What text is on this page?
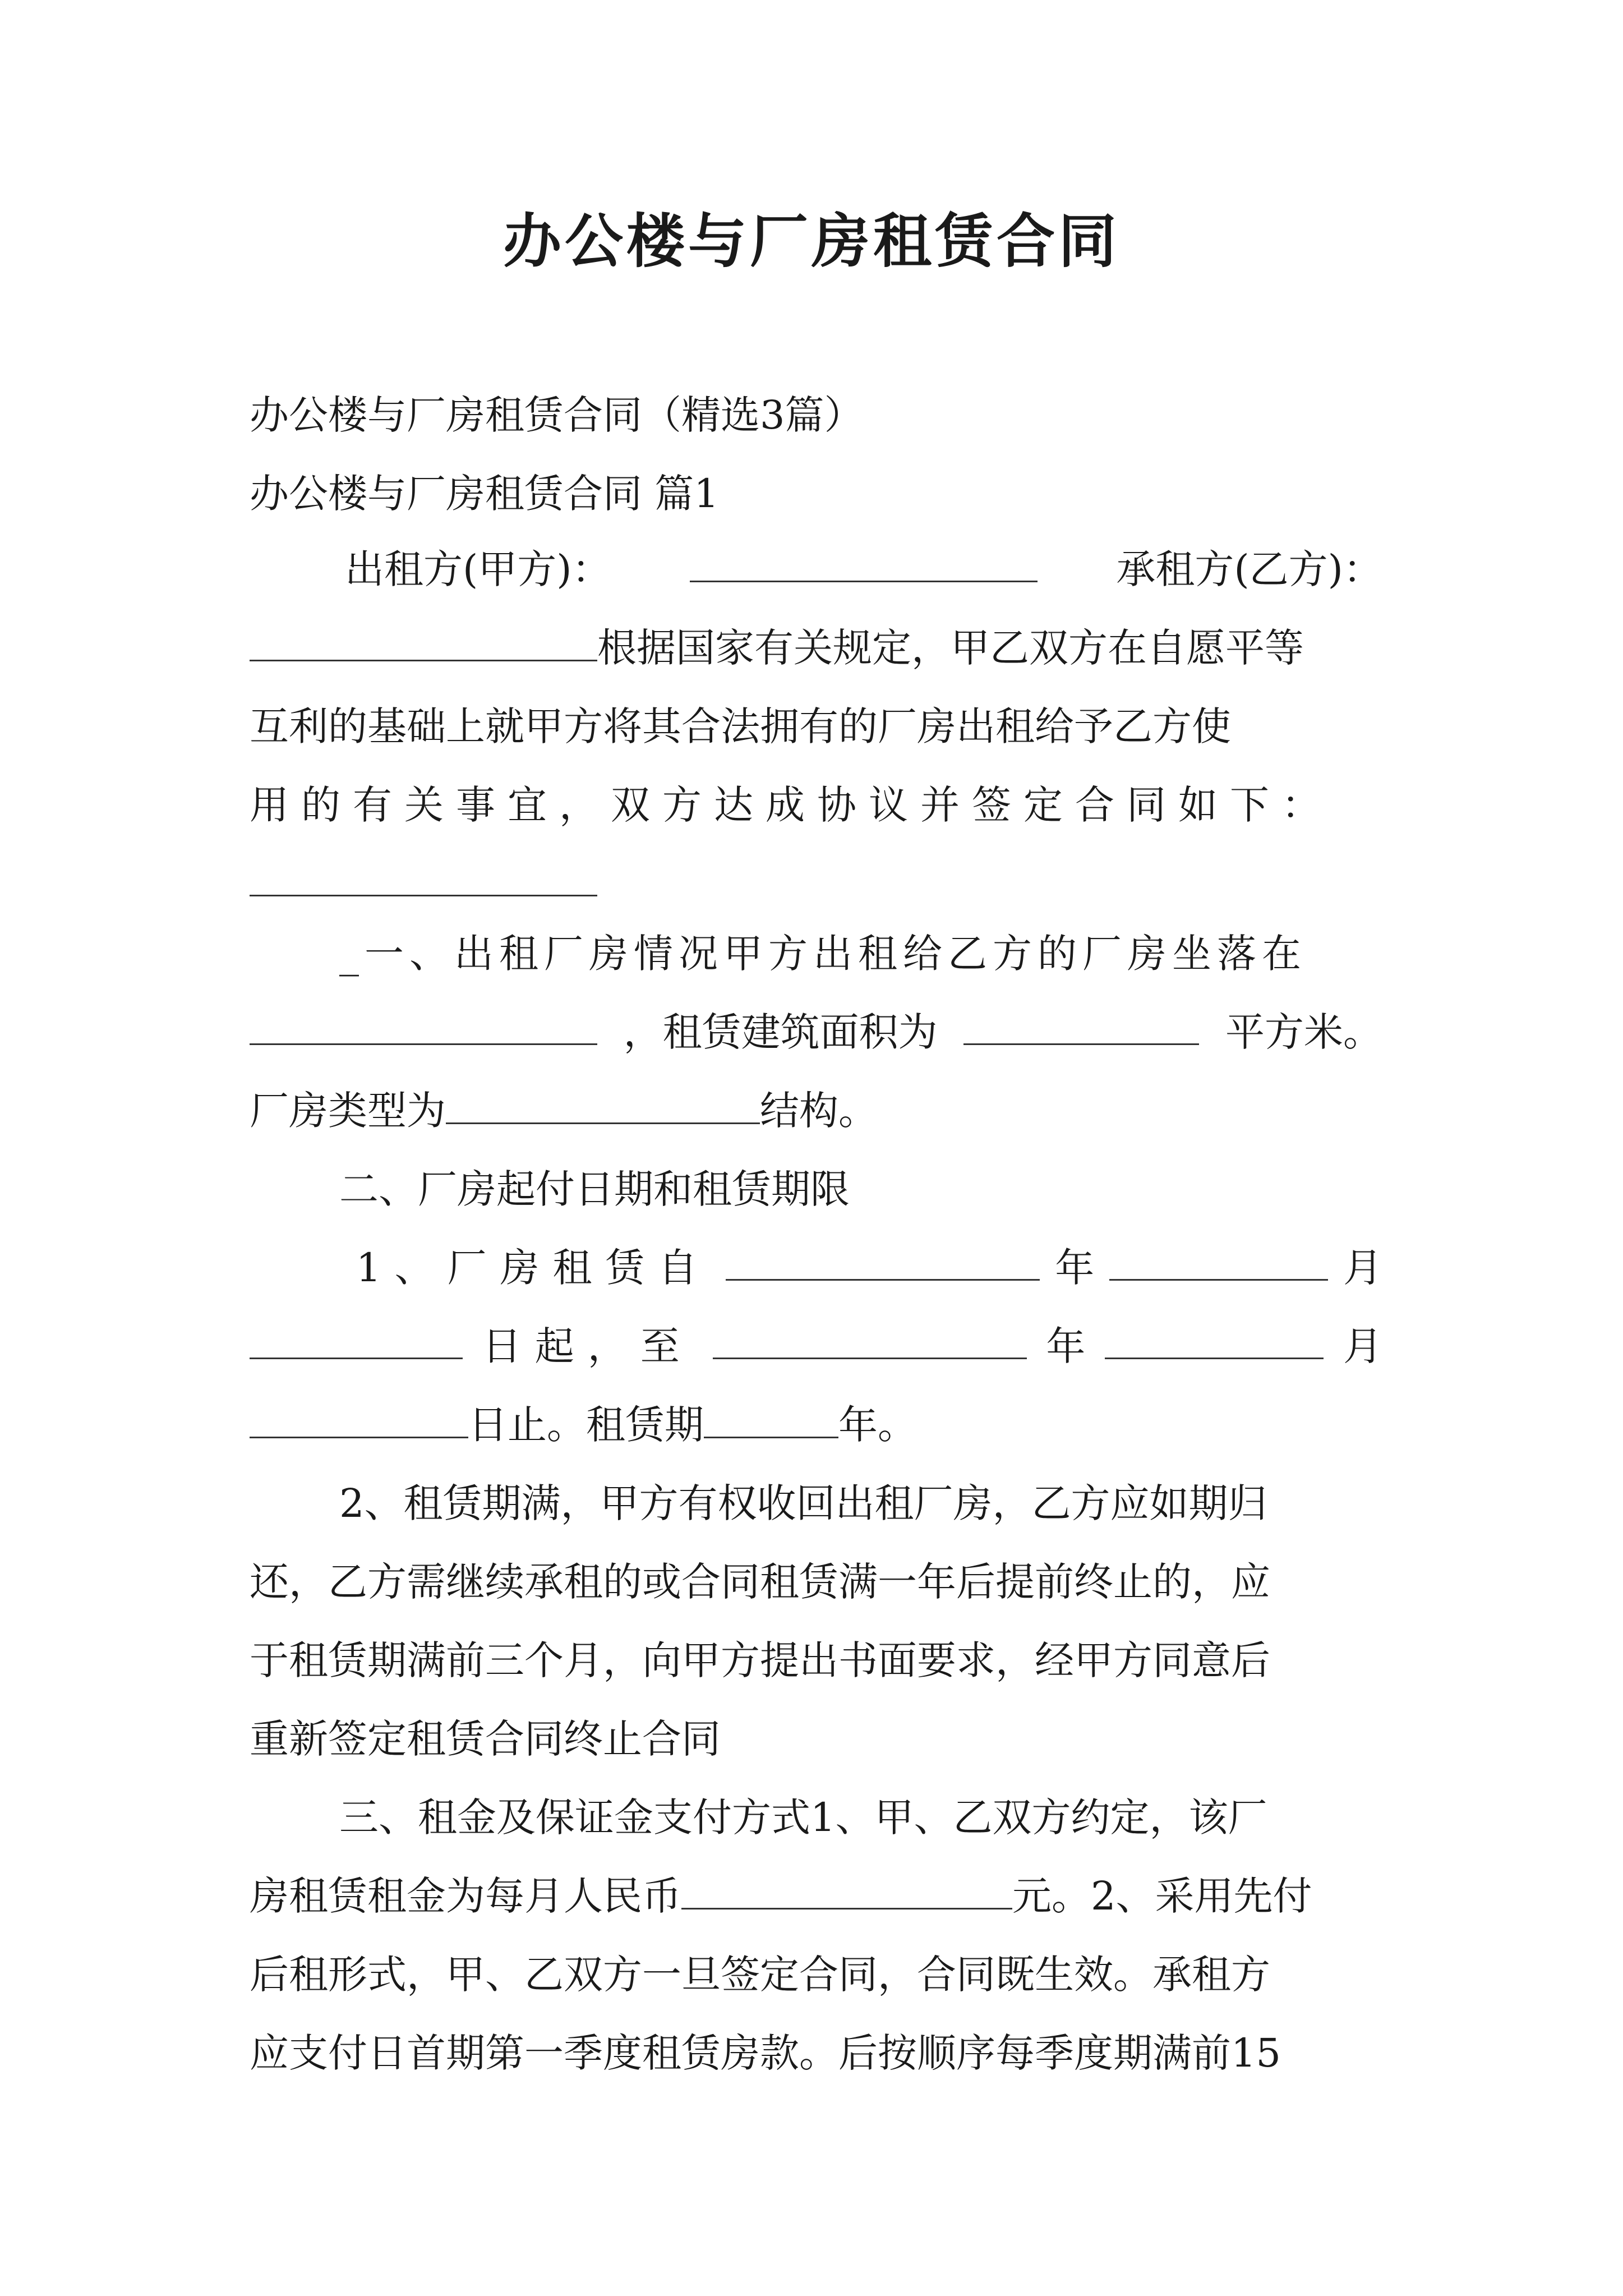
办公楼与厂房租赁合同
办公楼与厂房租赁合同（精选3篇）
办公楼与厂房租赁合同 篇1
出租方(甲方)：	承租方(乙方)：
根据国家有关规定，甲乙双方在自愿平等
互利的基础上就甲方将其合法拥有的厂房出租给予乙方使
用的有关事宜，双方达成协议并签定合同如下：
_一、出租厂房情况甲方出租给乙方的厂房坐落在
，租赁建筑面积为	平方米。
厂房类型为	结构。
二、厂房起付日期和租赁期限
1、厂房租赁自	年	月
日起，至	年	月
日止。租赁期	年。
2、租赁期满，甲方有权收回出租厂房，乙方应如期归
还，乙方需继续承租的或合同租赁满一年后提前终止的，应
于租赁期满前三个月，向甲方提出书面要求，经甲方同意后
重新签定租赁合同终止合同
三、租金及保证金支付方式1、甲、乙双方约定，该厂
房租赁租金为每月人民币	元。2、采用先付
后租形式，甲、乙双方一旦签定合同，合同既生效。承租方
应支付日首期第一季度租赁房款。后按顺序每季度期满前15
